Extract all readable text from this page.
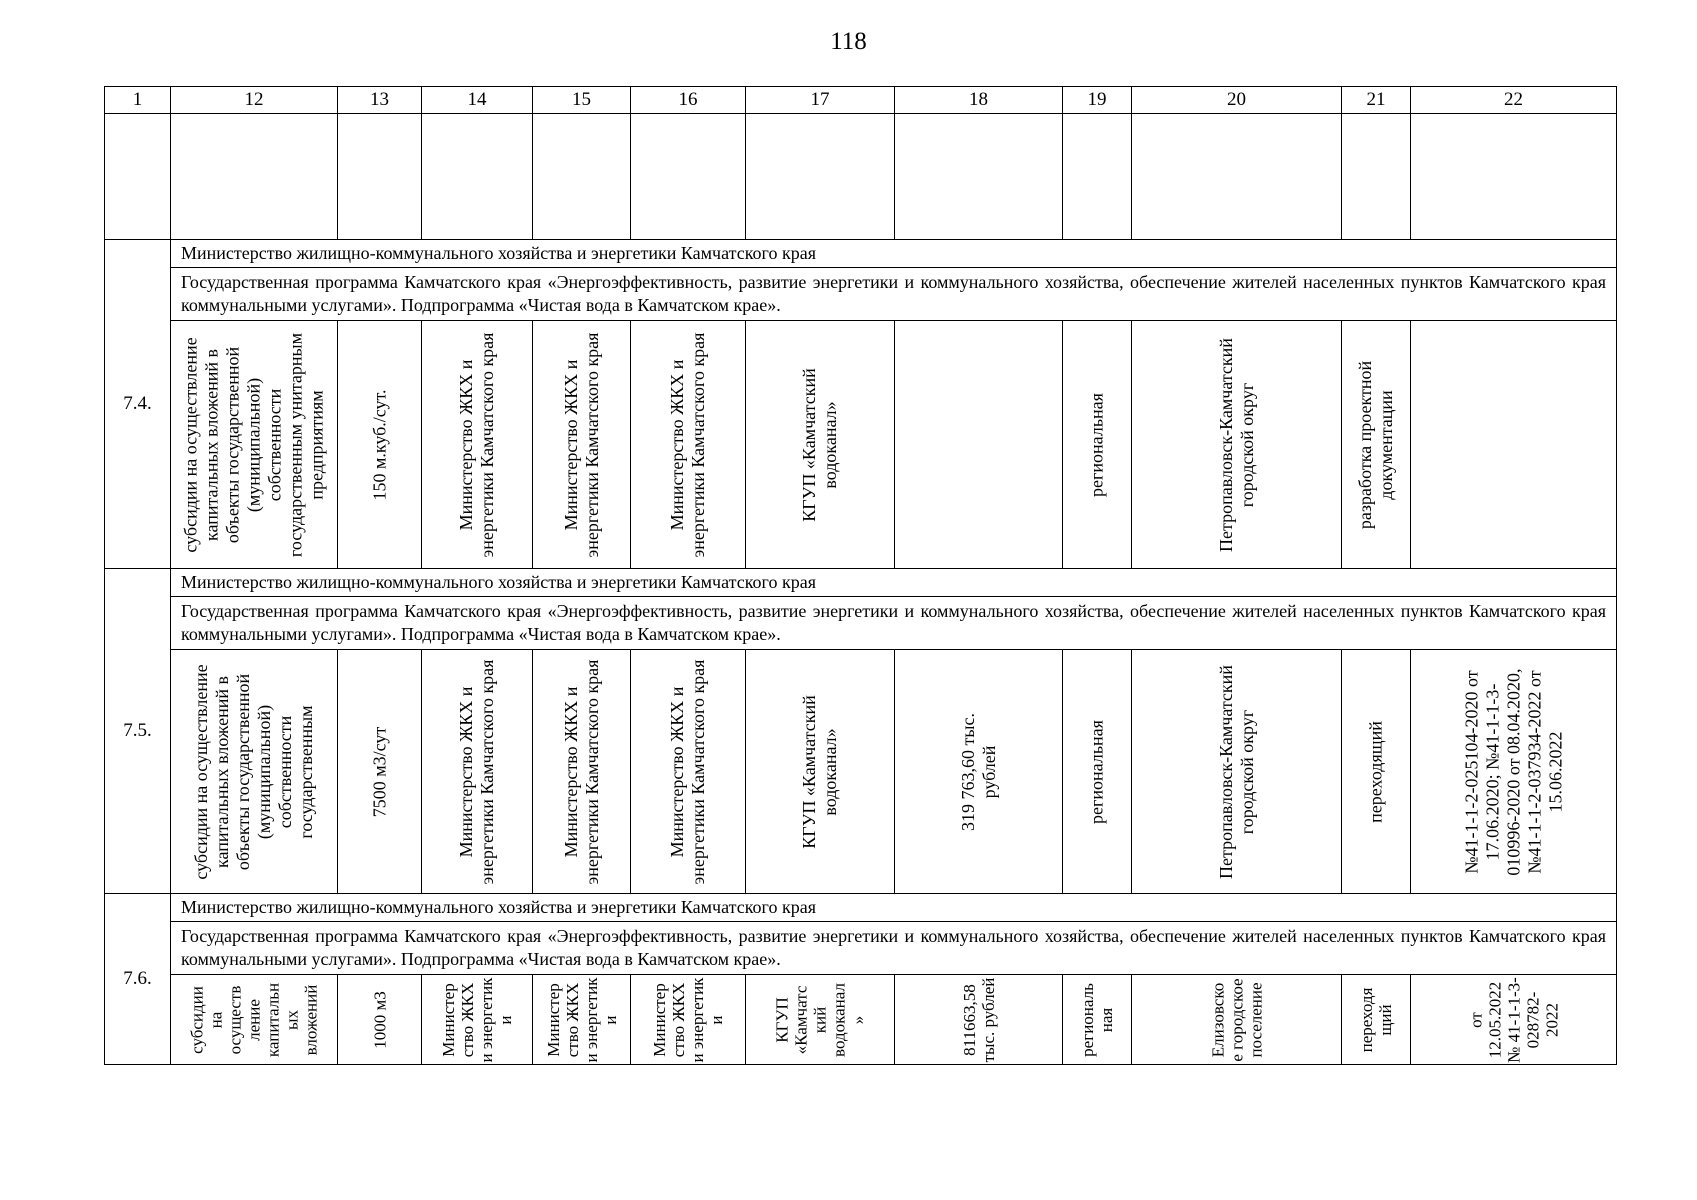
118
1	12	13	14	15	16	17	18	19	20	21	22

7.4.	Министерство жилищно-коммунального хозяйства и энергетики Камчатского края										
	Государственная программа Камчатского края «Энергоэффективность, развитие энергетики и коммунального хозяйства, обеспечение жителей населенных пунктов Камчатского края коммунальными услугами». Подпрограмма «Чистая вода в Камчатском крае».										

	субсидии на осуществление капитальных вложений в объекты государственной (муниципальной) собственности государственным унитарным предприятиям	150 м.куб./сут.	Министерство ЖКХ и энергетики Камчатского края	Министерство ЖКХ и энергетики Камчатского края	Министерство ЖКХ и энергетики Камчатского края	КГУП «Камчатский водоканал»		региональная	Петропавловск-Камчатский городской округ	разработка проектной документации	

7.5.	Министерство жилищно-коммунального хозяйства и энергетики Камчатского края										
	Государственная программа Камчатского края «Энергоэффективность, развитие энергетики и коммунального хозяйства, обеспечение жителей населенных пунктов Камчатского края коммунальными услугами». Подпрограмма «Чистая вода в Камчатском крае».										

	субсидии на осуществление капитальных вложений в объекты государственной (муниципальной) собственности государственным	7500 м3/сут	Министерство ЖКХ и энергетики Камчатского края	Министерство ЖКХ и энергетики Камчатского края	Министерство ЖКХ и энергетики Камчатского края	КГУП «Камчатский водоканал»	319 763,60 тыс. рублей	региональная	Петропавловск-Камчатский городской округ	переходящий	№41-1-1-2-025104-2020 от 17.06.2020; №41-1-1-3-010996-2020 от 08.04.2020, №41-1-1-2-037934-2022 от 15.06.2022

7.6.	Министерство жилищно-коммунального хозяйства и энергетики Камчатского края										
	Государственная программа Камчатского края «Энергоэффективность, развитие энергетики и коммунального хозяйства, обеспечение жителей населенных пунктов Камчатского края коммунальными услугами». Подпрограмма «Чистая вода в Камчатском крае».										

	субсидии на осуществ ление капитальн ых вложений	1000 м3	Министер ство ЖКХ и энергетик и	Министер ство ЖКХ и энергетик и	Министер ство ЖКХ и энергетик и	КГУП «Камчатс кий водоканал »	811663,58 тыс. рублей	региональ ная	Елизовско е городское поселение	переходя щий	от 12.05.2022 № 41-1-1-3-028782-2022
